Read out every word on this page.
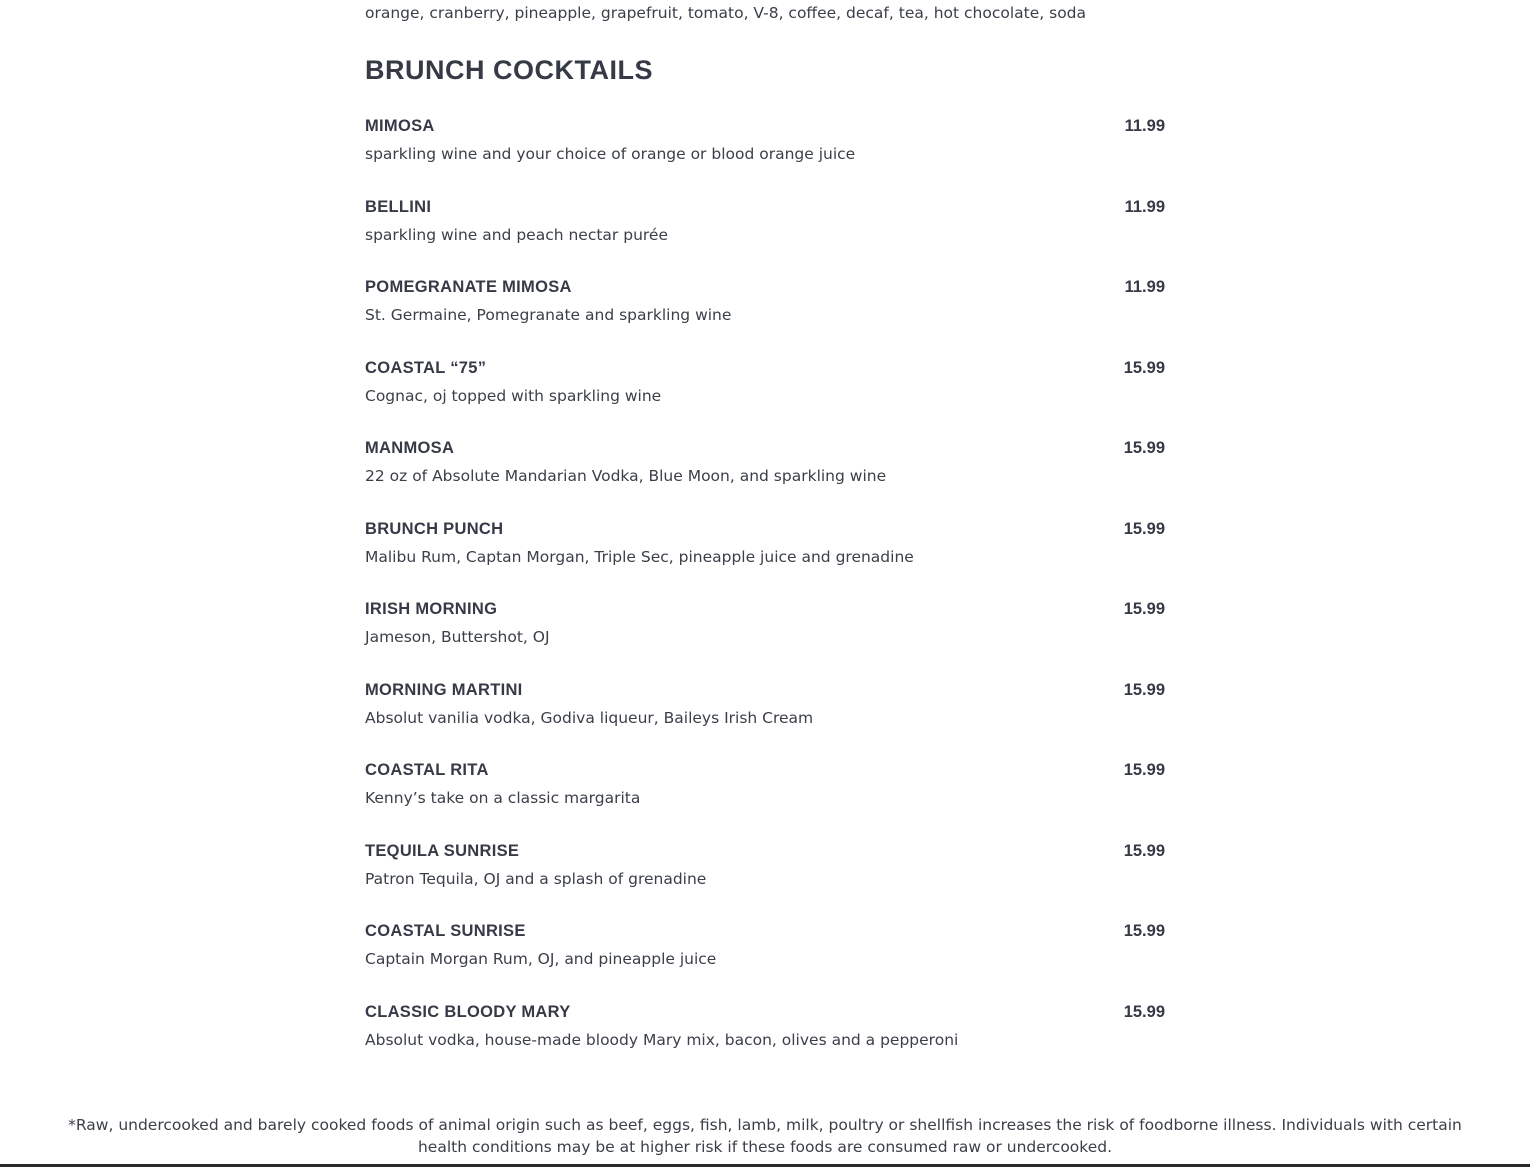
orange, cranberry, pineapple, grapefruit, tomato, V-8, coffee, decaf, tea, hot chocolate, soda
BRUNCH COCKTAILS
MIMOSA	11.99
sparkling wine and your choice of orange or blood orange juice
BELLINI	11.99
sparkling wine and peach nectar purée
POMEGRANATE MIMOSA	11.99
St. Germaine, Pomegranate and sparkling wine
COASTAL “75”	15.99
Cognac, oj topped with sparkling wine
MANMOSA	15.99
22 oz of Absolute Mandarian Vodka, Blue Moon, and sparkling wine
BRUNCH PUNCH	15.99
Malibu Rum, Captan Morgan, Triple Sec, pineapple juice and grenadine
IRISH MORNING	15.99
Jameson, Buttershot, OJ
MORNING MARTINI	15.99
Absolut vanilia vodka, Godiva liqueur, Baileys Irish Cream
COASTAL RITA	15.99
Kenny’s take on a classic margarita
TEQUILA SUNRISE	15.99
Patron Tequila, OJ and a splash of grenadine
COASTAL SUNRISE	15.99
Captain Morgan Rum, OJ, and pineapple juice
CLASSIC BLOODY MARY	15.99
Absolut vodka, house-made bloody Mary mix, bacon, olives and a pepperoni
*Raw, undercooked and barely cooked foods of animal origin such as beef, eggs, fish, lamb, milk, poultry or shellfish increases the risk of foodborne illness. Individuals with certain health conditions may be at higher risk if these foods are consumed raw or undercooked.
